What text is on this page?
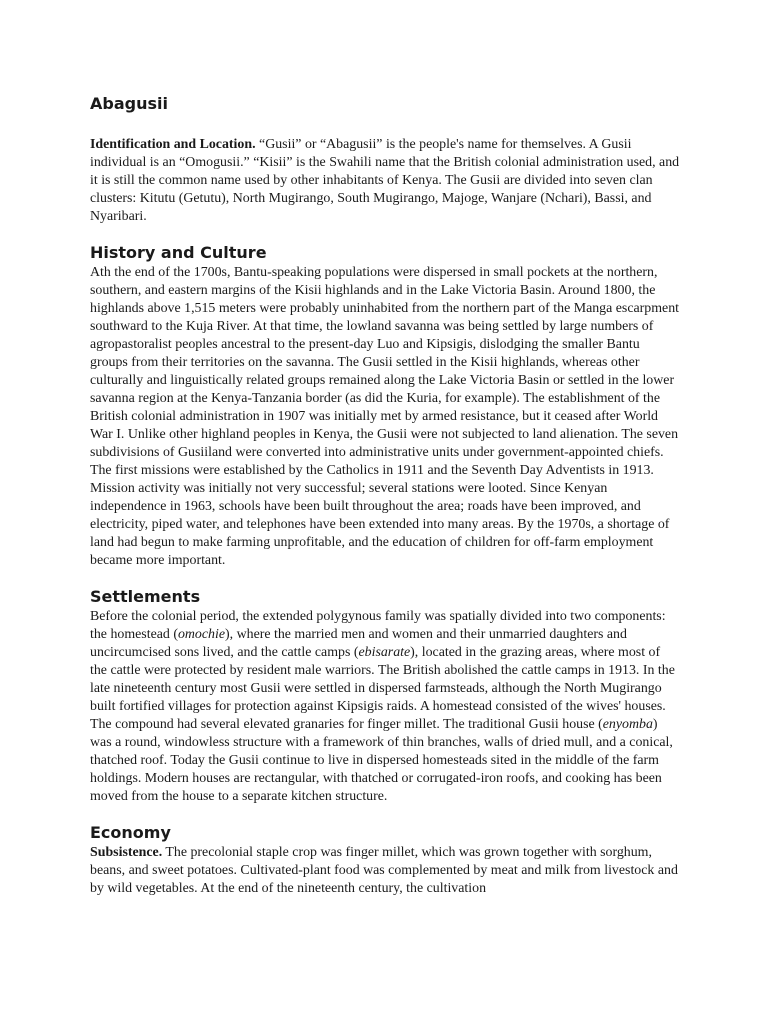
Abagusii

Identification and Location. “Gusii” or “Abagusii” is the people's name for themselves. A Gusii individual is an “Omogusii.” “Kisii” is the Swahili name that the British colonial administration used, and it is still the common name used by other inhabitants of Kenya. The Gusii are divided into seven clan clusters: Kitutu (Getutu), North Mugirango, South Mugirango, Majoge, Wanjare (Nchari), Bassi, and Nyaribari.

History and Culture

Ath the end of the 1700s, Bantu-speaking populations were dispersed in small pockets at the northern, southern, and eastern margins of the Kisii highlands and in the Lake Victoria Basin. Around 1800, the highlands above 1,515 meters were probably uninhabited from the northern part of the Manga escarpment southward to the Kuja River. At that time, the lowland savanna was being settled by large numbers of agropastoralist peoples ancestral to the present-day Luo and Kipsigis, dislodging the smaller Bantu groups from their territories on the savanna. The Gusii settled in the Kisii highlands, whereas other culturally and linguistically related groups remained along the Lake Victoria Basin or settled in the lower savanna region at the Kenya-Tanzania border (as did the Kuria, for example). The establishment of the British colonial administration in 1907 was initially met by armed resistance, but it ceased after World War I. Unlike other highland peoples in Kenya, the Gusii were not subjected to land alienation. The seven subdivisions of Gusiiland were converted into administrative units under government-appointed chiefs. The first missions were established by the Catholics in 1911 and the Seventh Day Adventists in 1913. Mission activity was initially not very successful; several stations were looted. Since Kenyan independence in 1963, schools have been built throughout the area; roads have been improved, and electricity, piped water, and telephones have been extended into many areas. By the 1970s, a shortage of land had begun to make farming unprofitable, and the education of children for off-farm employment became more important.

Settlements

Before the colonial period, the extended polygynous family was spatially divided into two components: the homestead (omochie), where the married men and women and their unmarried daughters and uncircumcised sons lived, and the cattle camps (ebisarate), located in the grazing areas, where most of the cattle were protected by resident male warriors. The British abolished the cattle camps in 1913. In the late nineteenth century most Gusii were settled in dispersed farmsteads, although the North Mugirango built fortified villages for protection against Kipsigis raids. A homestead consisted of the wives' houses. The compound had several elevated granaries for finger millet. The traditional Gusii house (enyomba) was a round, windowless structure with a framework of thin branches, walls of dried mull, and a conical, thatched roof. Today the Gusii continue to live in dispersed homesteads sited in the middle of the farm holdings. Modern houses are rectangular, with thatched or corrugated-iron roofs, and cooking has been moved from the house to a separate kitchen structure.

Economy

Subsistence. The precolonial staple crop was finger millet, which was grown together with sorghum, beans, and sweet potatoes. Cultivated-plant food was complemented by meat and milk from livestock and by wild vegetables. At the end of the nineteenth century, the cultivation
